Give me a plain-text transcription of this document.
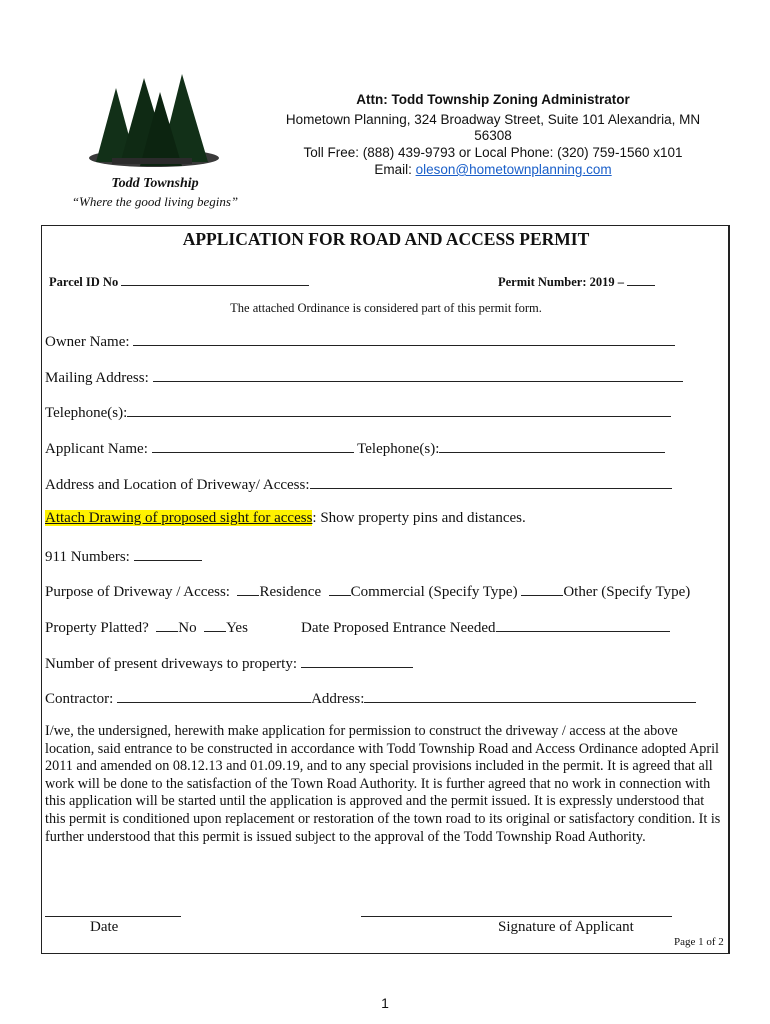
Todd Township
“Where the good living begins”
Attn: Todd Township Zoning Administrator
Hometown Planning, 324 Broadway Street, Suite 101 Alexandria, MN
56308
Toll Free: (888) 439-9793 or Local Phone: (320) 759-1560 x101
Email: oleson@hometownplanning.com
APPLICATION FOR ROAD AND ACCESS PERMIT
Parcel ID No	Permit Number: 2019 –
The attached Ordinance is considered part of this permit form.
Owner Name:
Mailing Address:
Telephone(s):
Applicant Name:	Telephone(s):
Address and Location of Driveway/ Access:
Attach Drawing of proposed sight for access: Show property pins and distances.
911 Numbers:
Purpose of Driveway / Access: Residence Commercial (Specify Type)	Other (Specify Type)
Property Platted? No Yes	Date Proposed Entrance Needed
Number of present driveways to property:
Contractor:	Address:
I/we, the undersigned, herewith make application for permission to construct the driveway / access at the above location, said entrance to be constructed in accordance with Todd Township Road and Access Ordinance adopted April 2011 and amended on 08.12.13 and 01.09.19, and to any special provisions included in the permit. It is agreed that all work will be done to the satisfaction of the Town Road Authority. It is further agreed that no work in connection with this application will be started until the application is approved and the permit issued. It is expressly understood that this permit is conditioned upon replacement or restoration of the town road to its original or satisfactory condition. It is further understood that this permit is issued subject to the approval of the Todd Township Road Authority.
Date	Signature of Applicant
Page 1 of 2
1
